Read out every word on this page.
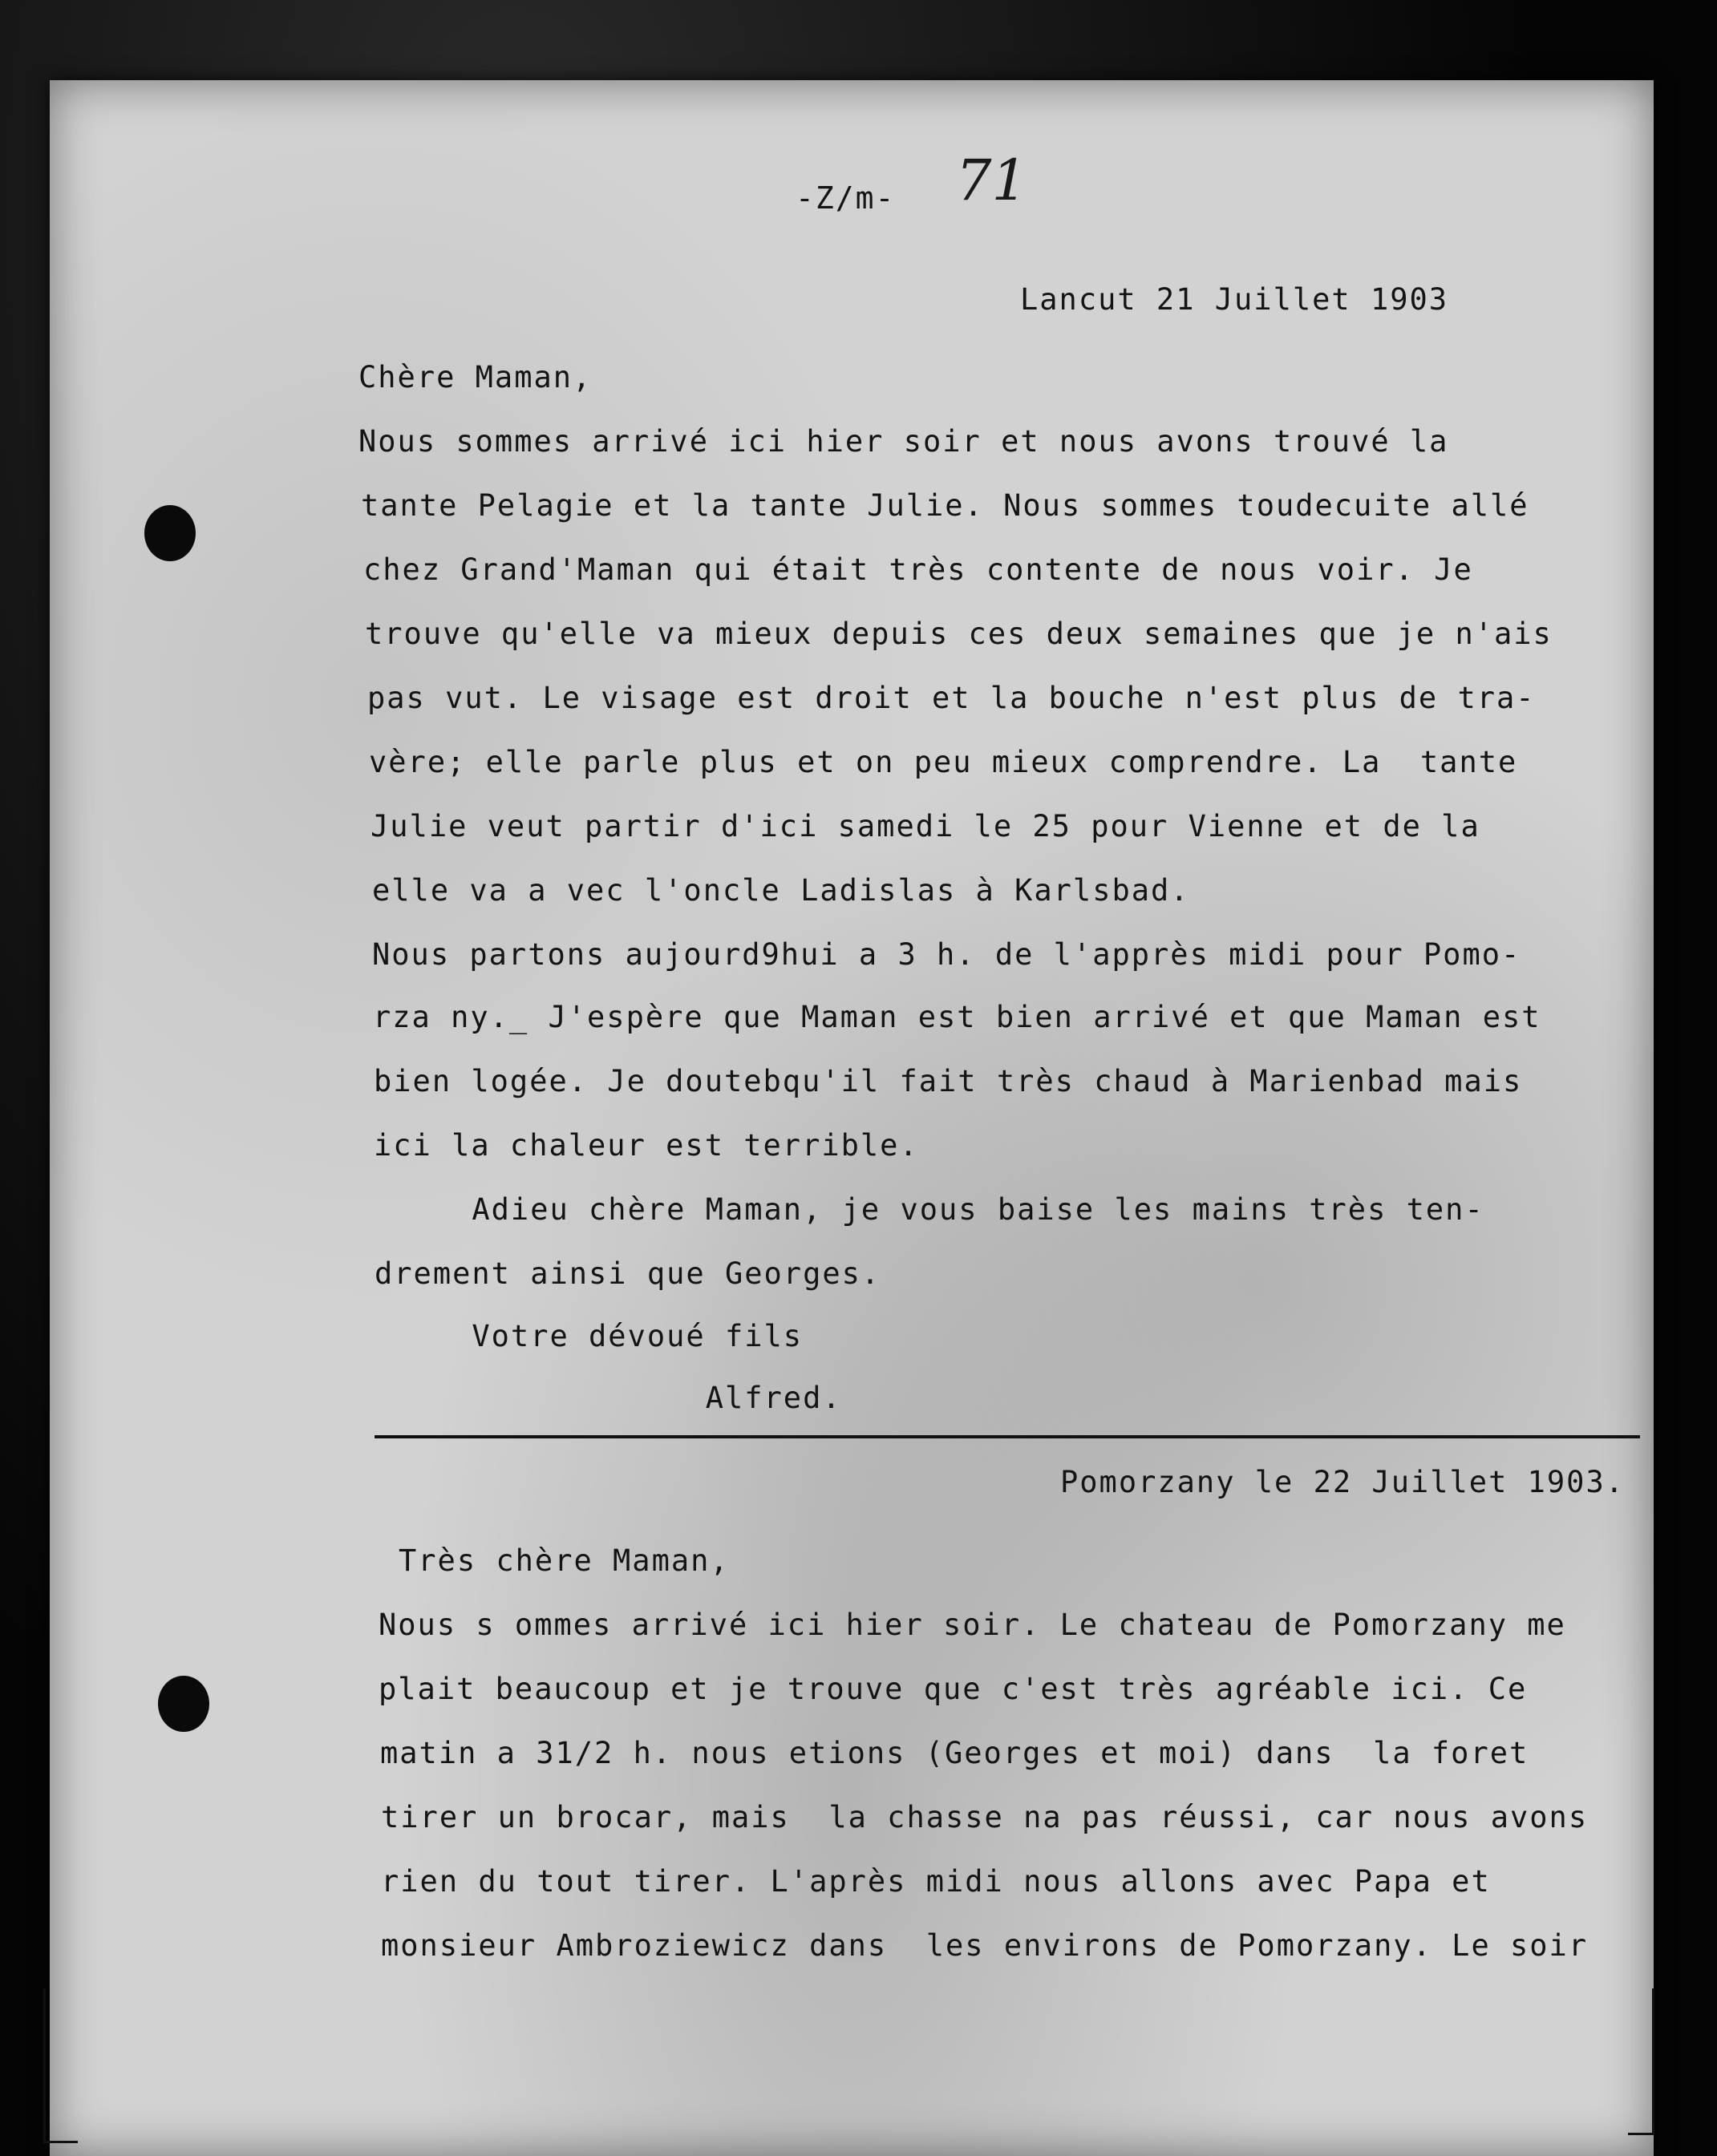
-Z/m- 71
Lancut 21 Juillet 1903
Chère Maman,
Nous sommes arrivé ici hier soir et nous avons trouvé la
tante Pelagie et la tante Julie. Nous sommes toudecuite allé
chez Grand'Maman qui était très contente de nous voir. Je
trouve qu'elle va mieux depuis ces deux semaines que je n'ais
pas vut. Le visage est droit et la bouche n'est plus de tra-
vère; elle parle plus et on peu mieux comprendre. La  tante
Julie veut partir d'ici samedi le 25 pour Vienne et de la
elle va a vec l'oncle Ladislas à Karlsbad.
Nous partons aujourd9hui a 3 h. de l'apprès midi pour Pomo-
rza ny._ J'espère que Maman est bien arrivé et que Maman est
bien logée. Je doutebqu'il fait très chaud à Marienbad mais
ici la chaleur est terrible.
Adieu chère Maman, je vous baise les mains très ten-
drement ainsi que Georges.
Votre dévoué fils
Alfred.
Pomorzany le 22 Juillet 1903.
Très chère Maman,
Nous s ommes arrivé ici hier soir. Le chateau de Pomorzany me
plait beaucoup et je trouve que c'est très agréable ici. Ce
matin a 31/2 h. nous etions (Georges et moi) dans  la foret
tirer un brocar, mais  la chasse na pas réussi, car nous avons
rien du tout tirer. L'après midi nous allons avec Papa et
monsieur Ambroziewicz dans  les environs de Pomorzany. Le soir
